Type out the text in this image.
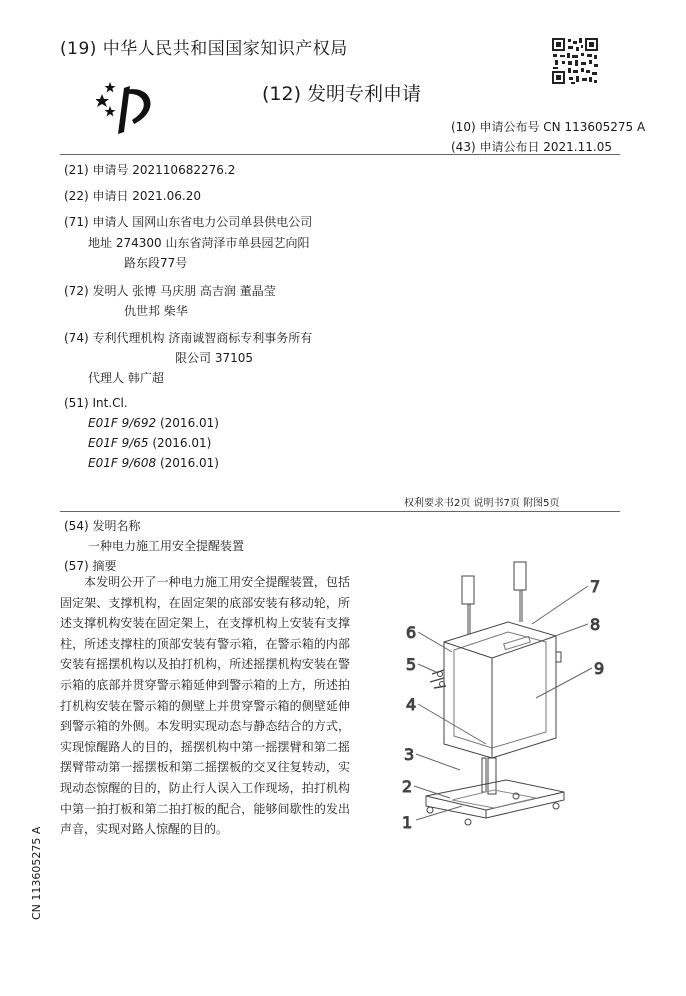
(19) 中华人民共和国国家知识产权局
(12) 发明专利申请
(10) 申请公布号 CN 113605275 A
(43) 申请公布日 2021.11.05
(21) 申请号 202110682276.2
(22) 申请日 2021.06.20
(71) 申请人 国网山东省电力公司单县供电公司
地址 274300 山东省菏泽市单县园艺向阳
路东段77号
(72) 发明人 张博 马庆朋 高吉润 董晶莹
仇世邦 柴华
(74) 专利代理机构 济南诚智商标专利事务所有
限公司 37105
代理人 韩广超
(51) Int.Cl.
E01F 9/692 (2016.01)
E01F 9/65 (2016.01)
E01F 9/608 (2016.01)
权利要求书2页 说明书7页 附图5页
(54) 发明名称
一种电力施工用安全提醒装置
(57) 摘要
本发明公开了一种电力施工用安全提醒装置，包括固定架、支撑机构，在固定架的底部安装有移动轮，所述支撑机构安装在固定架上，在支撑机构上安装有支撑柱，所述支撑柱的顶部安装有警示箱，在警示箱的内部安装有摇摆机构以及拍打机构，所述摇摆机构安装在警示箱的底部并贯穿警示箱延伸到警示箱的上方，所述拍打机构安装在警示箱的侧壁上并贯穿警示箱的侧壁延伸到警示箱的外侧。本发明实现动态与静态结合的方式，实现惊醒路人的目的，摇摆机构中第一摇摆臂和第二摇摆臂带动第一摇摆板和第二摇摆板的交叉往复转动，实现动态惊醒的目的，防止行人误入工作现场，拍打机构中第一拍打板和第二拍打板的配合，能够间歇性的发出声音，实现对路人惊醒的目的。
CN 113605275 A
1
2
3
4
5
6
7
8
9
